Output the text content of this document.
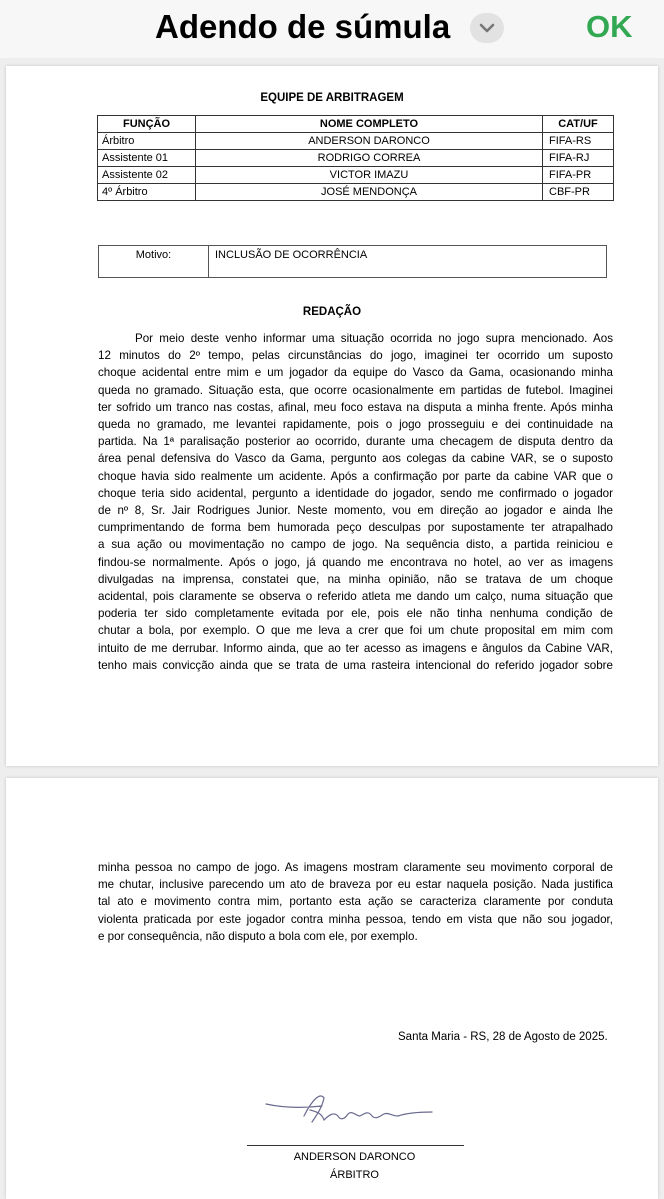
Adendo de súmula	OK
EQUIPE DE ARBITRAGEM
FUNÇÃO	NOME COMPLETO	CAT/UF
Árbitro	ANDERSON DARONCO	FIFA-RS
Assistente 01	RODRIGO CORREA	FIFA-RJ
Assistente 02	VICTOR IMAZU	FIFA-PR
4º Árbitro	JOSÉ MENDONÇA	CBF-PR
Motivo:	INCLUSÃO DE OCORRÊNCIA
REDAÇÃO
Por meio deste venho informar uma situação ocorrida no jogo supra mencionado. Aos
12 minutos do 2º tempo, pelas circunstâncias do jogo, imaginei ter ocorrido um suposto
choque acidental entre mim e um jogador da equipe do Vasco da Gama, ocasionando minha
queda no gramado. Situação esta, que ocorre ocasionalmente em partidas de futebol. Imaginei
ter sofrido um tranco nas costas, afinal, meu foco estava na disputa a minha frente. Após minha
queda no gramado, me levantei rapidamente, pois o jogo prosseguiu e dei continuidade na
partida. Na 1ª paralisação posterior ao ocorrido, durante uma checagem de disputa dentro da
área penal defensiva do Vasco da Gama, pergunto aos colegas da cabine VAR, se o suposto
choque havia sido realmente um acidente. Após a confirmação por parte da cabine VAR que o
choque teria sido acidental, pergunto a identidade do jogador, sendo me confirmado o jogador
de nº 8, Sr. Jair Rodrigues Junior. Neste momento, vou em direção ao jogador e ainda lhe
cumprimentando de forma bem humorada peço desculpas por supostamente ter atrapalhado
a sua ação ou movimentação no campo de jogo. Na sequência disto, a partida reiniciou e
findou-se normalmente. Após o jogo, já quando me encontrava no hotel, ao ver as imagens
divulgadas na imprensa, constatei que, na minha opinião, não se tratava de um choque
acidental, pois claramente se observa o referido atleta me dando um calço, numa situação que
poderia ter sido completamente evitada por ele, pois ele não tinha nenhuma condição de
chutar a bola, por exemplo. O que me leva a crer que foi um chute proposital em mim com
intuito de me derrubar. Informo ainda, que ao ter acesso as imagens e ângulos da Cabine VAR,
tenho mais convicção ainda que se trata de uma rasteira intencional do referido jogador sobre
minha pessoa no campo de jogo. As imagens mostram claramente seu movimento corporal de
me chutar, inclusive parecendo um ato de braveza por eu estar naquela posição. Nada justifica
tal ato e movimento contra mim, portanto esta ação se caracteriza claramente por conduta
violenta praticada por este jogador contra minha pessoa, tendo em vista que não sou jogador,
e por consequência, não disputo a bola com ele, por exemplo.
Santa Maria - RS, 28 de Agosto de 2025.
ANDERSON DARONCO
ÁRBITRO
